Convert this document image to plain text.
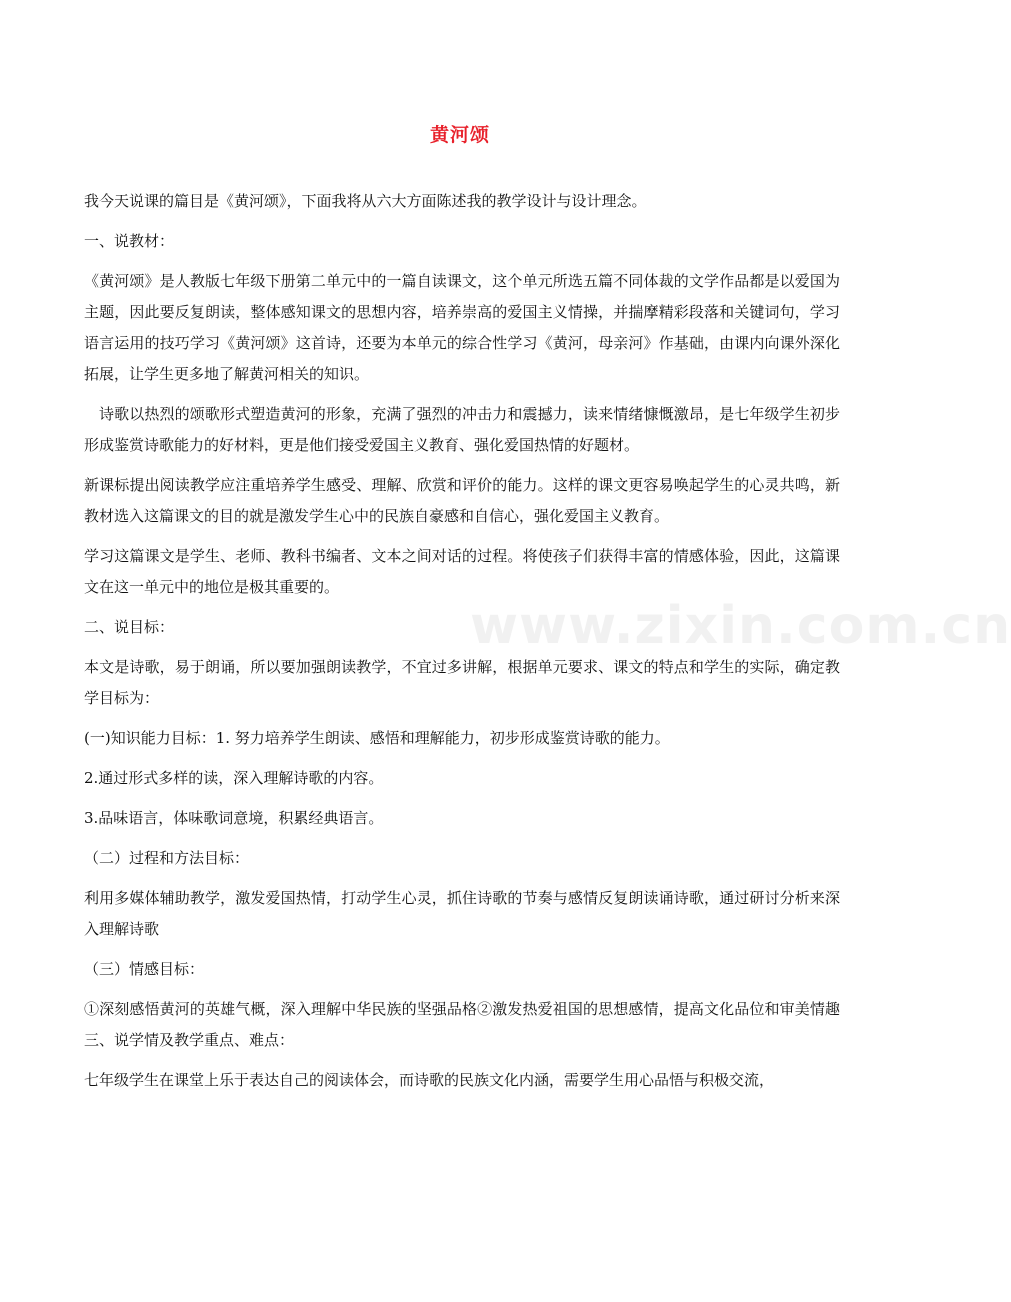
黄河颂
www.zixin.com.cn

我今天说课的篇目是《黄河颂》，下面我将从六大方面陈述我的教学设计与设计理念。

一、说教材：

《黄河颂》是人教版七年级下册第二单元中的一篇自读课文，这个单元所选五篇不同体裁的文学作品都是以爱国为主题，因此要反复朗读，整体感知课文的思想内容，培养崇高的爱国主义情操，并揣摩精彩段落和关键词句，学习语言运用的技巧学习《黄河颂》这首诗，还要为本单元的综合性学习《黄河，母亲河》作基础，由课内向课外深化拓展，让学生更多地了解黄河相关的知识。

诗歌以热烈的颂歌形式塑造黄河的形象，充满了强烈的冲击力和震撼力，读来情绪慷慨激昂，是七年级学生初步形成鉴赏诗歌能力的好材料，更是他们接受爱国主义教育、强化爱国热情的好题材。

新课标提出阅读教学应注重培养学生感受、理解、欣赏和评价的能力。这样的课文更容易唤起学生的心灵共鸣，新教材选入这篇课文的目的就是激发学生心中的民族自豪感和自信心，强化爱国主义教育。

学习这篇课文是学生、老师、教科书编者、文本之间对话的过程。将使孩子们获得丰富的情感体验，因此，这篇课文在这一单元中的地位是极其重要的。

二、说目标：

本文是诗歌，易于朗诵，所以要加强朗读教学，不宜过多讲解，根据单元要求、课文的特点和学生的实际，确定教学目标为：

(一)知识能力目标：1. 努力培养学生朗读、感悟和理解能力，初步形成鉴赏诗歌的能力。

2.通过形式多样的读，深入理解诗歌的内容。

3.品味语言，体味歌词意境，积累经典语言。

（二）过程和方法目标：

利用多媒体辅助教学，激发爱国热情，打动学生心灵，抓住诗歌的节奏与感情反复朗读诵诗歌，通过研讨分析来深入理解诗歌

（三）情感目标：

①深刻感悟黄河的英雄气概，深入理解中华民族的坚强品格②激发热爱祖国的思想感情，提高文化品位和审美情趣三、说学情及教学重点、难点：

七年级学生在课堂上乐于表达自己的阅读体会，而诗歌的民族文化内涵，需要学生用心品悟与积极交流，
